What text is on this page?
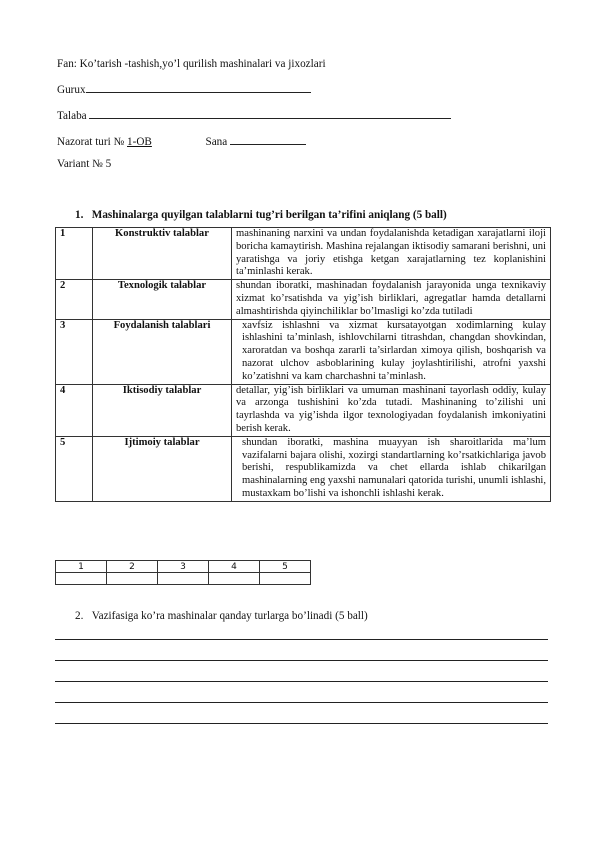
Fan: Ko’tarish -tashish,yo’l qurilish mashinalari va jixozlari
Gurux
Talaba
Nazorat turi № 1-OB	Sana
Variant № 5
1. Mashinalarga quyilgan talablarni tug’ri berilgan ta’rifini aniqlang (5 ball)
1	Konstruktiv talablar	mashinaning narxini va undan foydalanishda ketadigan xarajatlarni iloji boricha kamaytirish. Mashina rejalangan iktisodiy samarani berishni, uni yaratishga va joriy etishga ketgan xarajatlarning tez koplanishini ta’minlashi kerak.
2	Texnologik talablar	shundan iboratki, mashinadan foydalanish jarayonida unga texnikaviy xizmat ko’rsatishda va yig’ish birliklari, agregatlar hamda detallarni almashtirishda qiyinchiliklar bo’lmasligi ko’zda tutiladi
3	Foydalanish talablari	xavfsiz ishlashni va xizmat kursatayotgan xodimlarning kulay ishlashini ta’minlash, ishlovchilarni titrashdan, changdan shovkindan, xaroratdan va boshqa zararli ta’sirlardan ximoya qilish, boshqarish va nazorat ulchov asboblarining kulay joylashtirilishi, atrofni yaxshi ko’zatishni va kam charchashni ta’minlash.
4	Iktisodiy talablar	detallar, yig’ish birliklari va umuman mashinani tayorlash oddiy, kulay va arzonga tushishini ko’zda tutadi. Mashinaning to’zilishi uni tayrlashda va yig’ishda ilgor texnologiyadan foydalanish imkoniyatini berish kerak.
5	Ijtimoiy talablar	shundan iboratki, mashina muayyan ish sharoitlarida ma’lum vazifalarni bajara olishi, xozirgi standartlarning ko’rsatkichlariga javob berishi, respublikamizda va chet ellarda ishlab chikarilgan mashinalarning eng yaxshi namunalari qatorida turishi, unumli ishlashi, mustaxkam bo’lishi va ishonchli ishlashi kerak.
1	2	3	4	5

2. Vazifasiga ko’ra mashinalar qanday turlarga bo’linadi (5 ball)
